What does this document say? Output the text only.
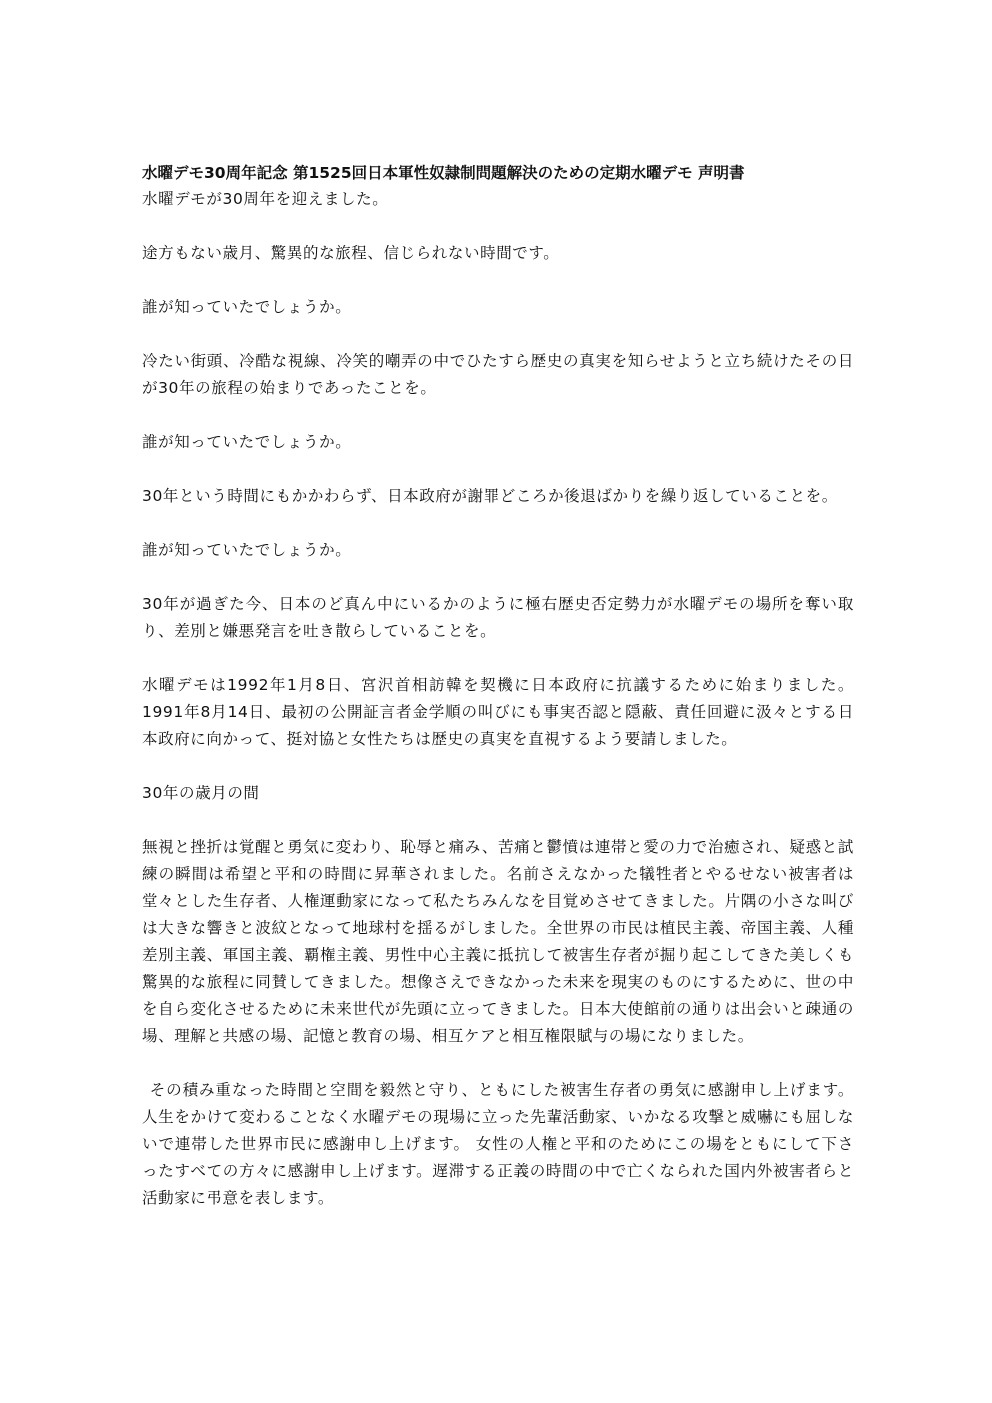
水曜デモ30周年記念 第1525回日本軍性奴隷制問題解決のための定期水曜デモ 声明書

水曜デモが30周年を迎えました。

途方もない歳月、驚異的な旅程、信じられない時間です。

誰が知っていたでしょうか。

冷たい街頭、冷酷な視線、冷笑的嘲弄の中でひたすら歴史の真実を知らせようと立ち続けたその日が30年の旅程の始まりであったことを。

誰が知っていたでしょうか。

30年という時間にもかかわらず、日本政府が謝罪どころか後退ばかりを繰り返していることを。

誰が知っていたでしょうか。

30年が過ぎた今、日本のど真ん中にいるかのように極右歴史否定勢力が水曜デモの場所を奪い取り、差別と嫌悪発言を吐き散らしていることを。

水曜デモは1992年1月8日、宮沢首相訪韓を契機に日本政府に抗議するために始まりました。1991年8月14日、最初の公開証言者金学順の叫びにも事実否認と隠蔽、責任回避に汲々とする日本政府に向かって、挺対協と女性たちは歴史の真実を直視するよう要請しました。

30年の歳月の間

無視と挫折は覚醒と勇気に変わり、恥辱と痛み、苦痛と鬱憤は連帯と愛の力で治癒され、疑惑と試練の瞬間は希望と平和の時間に昇華されました。名前さえなかった犠牲者とやるせない被害者は堂々とした生存者、人権運動家になって私たちみんなを目覚めさせてきました。片隅の小さな叫びは大きな響きと波紋となって地球村を揺るがしました。全世界の市民は植民主義、帝国主義、人種差別主義、軍国主義、覇権主義、男性中心主義に抵抗して被害生存者が掘り起こしてきた美しくも驚異的な旅程に同賛してきました。想像さえできなかった未来を現実のものにするために、世の中を自ら変化させるために未来世代が先頭に立ってきました。日本大使館前の通りは出会いと疎通の場、理解と共感の場、記憶と教育の場、相互ケアと相互権限賦与の場になりました。

その積み重なった時間と空間を毅然と守り、ともにした被害生存者の勇気に感謝申し上げます。人生をかけて変わることなく水曜デモの現場に立った先輩活動家、いかなる攻撃と威嚇にも屈しないで連帯した世界市民に感謝申し上げます。 女性の人権と平和のためにこの場をともにして下さったすべての方々に感謝申し上げます。遅滞する正義の時間の中で亡くなられた国内外被害者らと活動家に弔意を表します。
